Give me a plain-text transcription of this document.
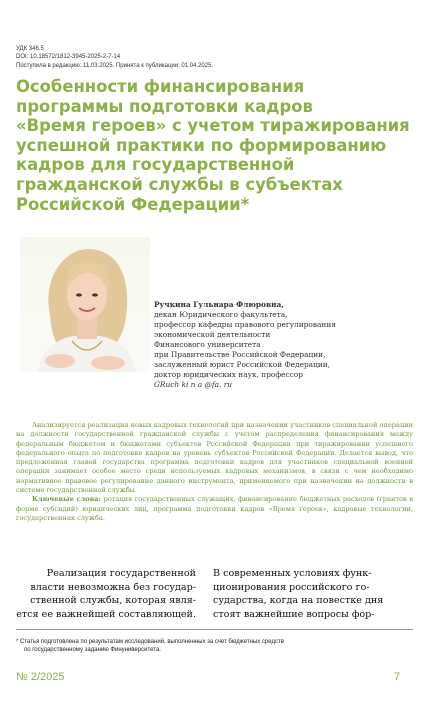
УДК 346.5
DOI: 10.18572/1812-3945-2025-2-7-14
Поступила в редакцию: 11.03.2025. Принята к публикации: 01.04.2025.
Особенности финансирования
программы подготовки кадров
«Время героев» с учетом тиражирования
успешной практики по формированию
кадров для государственной
гражданской службы в субъектах
Российской Федерации*
Ручкина Гульнара Флюровна,
декан Юридического факультета,
профессор кафедры правового регулирования
экономической деятельности
Финансового университета
при Правительстве Российской Федерации,
заслуженный юрист Российской Федерации,
доктор юридических наук, профессор
GRuch ki n a @fa. ru

Анализируется реализация новых кадровых технологий при назначении участников специальной операции на должности государственной гражданской службы с учетом распределения финансирования между федеральным бюджетом и бюджетами субъектов Российской Федерации при тиражировании успешного федерального опыта по подготовке кадров на уровень субъектов Российской Федерации. Делается вывод, что предложенная главой государства программа подготовки кадров для участников специальной военной операции занимает особое место среди используемых кадровых механизмов, в связи с чем необходимо нормативное правовое регулирование данного инструмента, применяемого при назначении на должности в системе государственной службы.

Ключевые слова: ротация государственных служащих, финансирование бюджетных расходов (грантов в форме субсидий) юридических лиц, программа подготовки кадров «Время героев», кадровые технологии, государственная служба.

Реализация государственной
власти невозможна без государ-
ственной службы, которая явля-
ется ее важнейшей составляющей.
В современных условиях функ-
ционирования российского го-
сударства, когда на повестке дня
стоят важнейшие вопросы фор-
* Статья подготовлена по результатам исследований, выполненных за счет бюджетных средств
по государственному заданию Финуниверситета.
№ 2/2025	7
